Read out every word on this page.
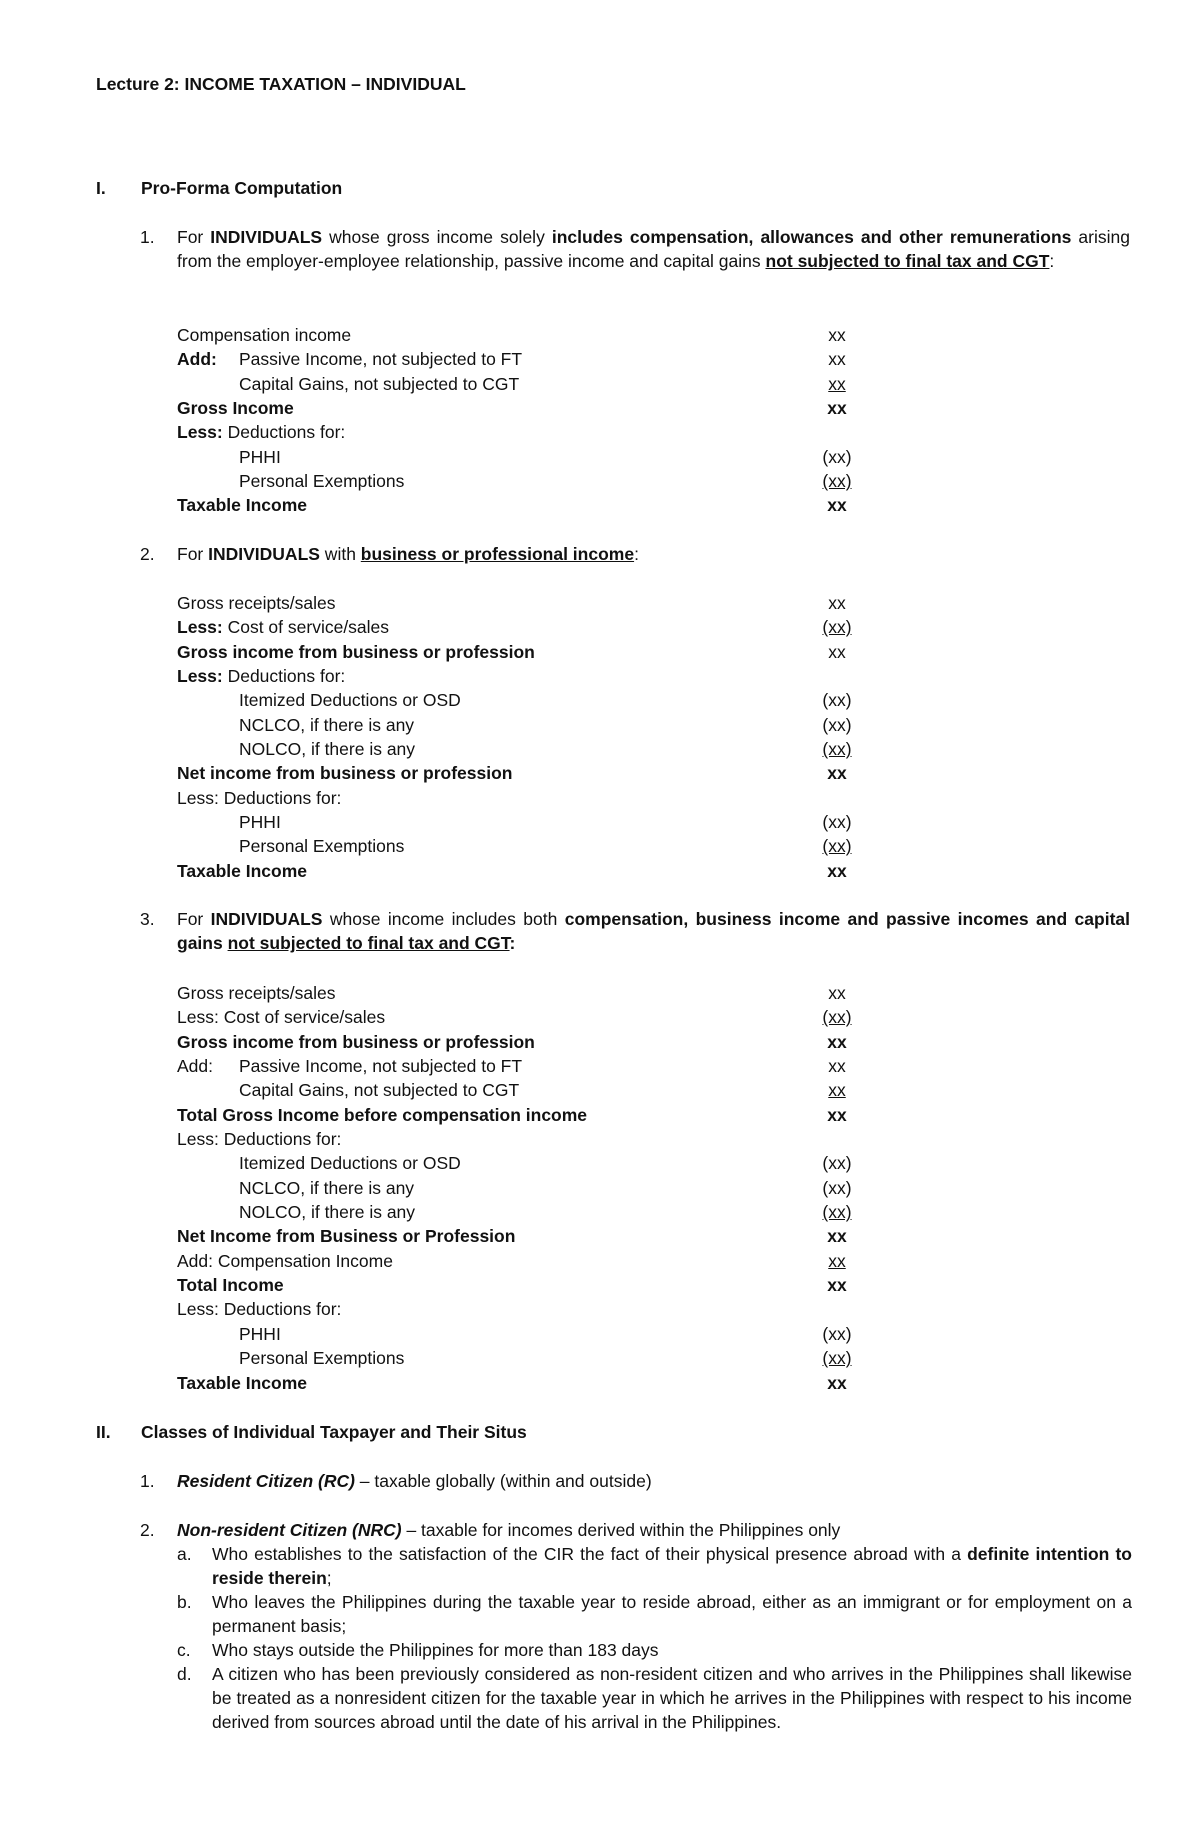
Lecture 2: INCOME TAXATION – INDIVIDUAL
I. Pro-Forma Computation
1. For INDIVIDUALS whose gross income solely includes compensation, allowances and other remunerations arising from the employer-employee relationship, passive income and capital gains not subjected to final tax and CGT:
Compensation income	xx
Add: Passive Income, not subjected to FT	xx
Capital Gains, not subjected to CGT	xx
Gross Income	xx
Less: Deductions for:
PHHI	(xx)
Personal Exemptions	(xx)
Taxable Income	xx
2. For INDIVIDUALS with business or professional income:
Gross receipts/sales	xx
Less: Cost of service/sales	(xx)
Gross income from business or profession	xx
Less: Deductions for:
Itemized Deductions or OSD	(xx)
NCLCO, if there is any	(xx)
NOLCO, if there is any	(xx)
Net income from business or profession	xx
Less: Deductions for:
PHHI	(xx)
Personal Exemptions	(xx)
Taxable Income	xx
3. For INDIVIDUALS whose income includes both compensation, business income and passive incomes and capital gains not subjected to final tax and CGT:
Gross receipts/sales	xx
Less: Cost of service/sales	(xx)
Gross income from business or profession	xx
Add: Passive Income, not subjected to FT	xx
Capital Gains, not subjected to CGT	xx
Total Gross Income before compensation income	xx
Less: Deductions for:
Itemized Deductions or OSD	(xx)
NCLCO, if there is any	(xx)
NOLCO, if there is any	(xx)
Net Income from Business or Profession	xx
Add: Compensation Income	xx
Total Income	xx
Less: Deductions for:
PHHI	(xx)
Personal Exemptions	(xx)
Taxable Income	xx
II. Classes of Individual Taxpayer and Their Situs
1. Resident Citizen (RC) – taxable globally (within and outside)
2. Non-resident Citizen (NRC) – taxable for incomes derived within the Philippines only
a. Who establishes to the satisfaction of the CIR the fact of their physical presence abroad with a definite intention to reside therein;
b. Who leaves the Philippines during the taxable year to reside abroad, either as an immigrant or for employment on a permanent basis;
c. Who stays outside the Philippines for more than 183 days
d. A citizen who has been previously considered as non-resident citizen and who arrives in the Philippines shall likewise be treated as a nonresident citizen for the taxable year in which he arrives in the Philippines with respect to his income derived from sources abroad until the date of his arrival in the Philippines.
